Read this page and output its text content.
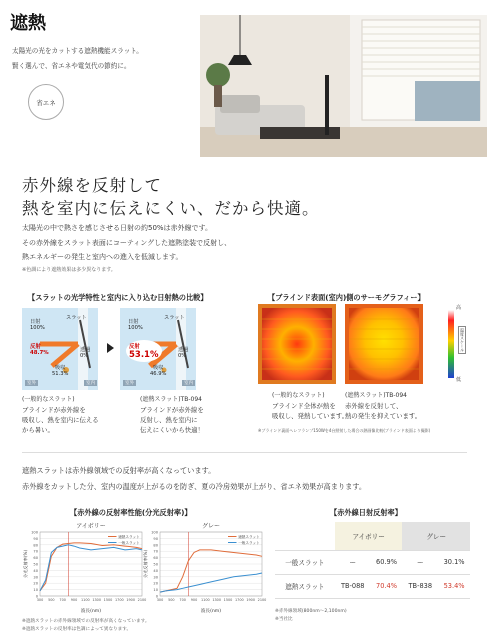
遮熱
太陽光の光をカットする遮熱機能スラット。
賢く選んで、省エネや電気代の節約に。
省エネ
赤外線を反射して
熱を室内に伝えにくい、だから快適。
太陽光の中で熱さを感じさせる日射の約50%は赤外線です。
その赤外線をスラット表面にコーティングした遮熱塗装で反射し、
熱エネルギーの発生と室内への進入を低減します。
※色調により遮熱効果は多少異なります。
【スラットの光学特性と室内に入り込む日射熱の比較】	【ブラインド表面(室内)側のサーモグラフィー】
日射
100%
スラット
反射
48.7%	透過
0%
吸収
51.3%
室外	室内
日射
100%
スラット
反射
53.1%	透過
0%
吸収
46.9%
室外	室内
高
低
温度スケール
(一般的なスラット)
ブラインドが赤外線を
吸収し、熱を室内に伝える
から暑い。
(遮熱スラット)TB-094
ブラインドが赤外線を
反射し、熱を室内に
伝えにくいから快適！
(一般的なスラット)
ブラインド全体が熱を
吸収し、発熱しています。
(遮熱スラット)TB-094
赤外線を反射して、
熱の発生を抑えています。
※ブラインド裏面へレフランプ150Wを4台照射した場合の熱画像比較(ブラインド表面より撮影)
遮熱スラットは赤外線領域での反射率が高くなっています。
赤外線をカットした分、室内の温度が上がるのを防ぎ、夏の冷房効果が上がり、省エネ効果が高まります。
【赤外線の反射率性能(分光反射率)】	【赤外線日射反射率】
アイボリー
0
10
20
30
40
50
60
70
80
90
100
300 500 700 900 1100 1300 1500 1700 1900 2100
遮熱スラット
一般スラット
波長(nm)
分光反射率(%)
グレー
0
10
20
30
40
50
60
70
80
90
100
300 500 700 900 1100 1300 1500 1700 1900 2100
遮熱スラット
一般スラット
波長(nm)
分光反射率(%)
	アイボリー		グレー	
一般スラット	ー	60.9%	ー	30.1%
遮熱スラット	TB-088	70.4%	TB-838	53.4%
※赤外線領域(800nm〜2,100nm)
※当社比
※遮熱スラットの赤外線領域での反射率が高くなっています。
※遮熱スラットの反射率は色調によって異なります。
